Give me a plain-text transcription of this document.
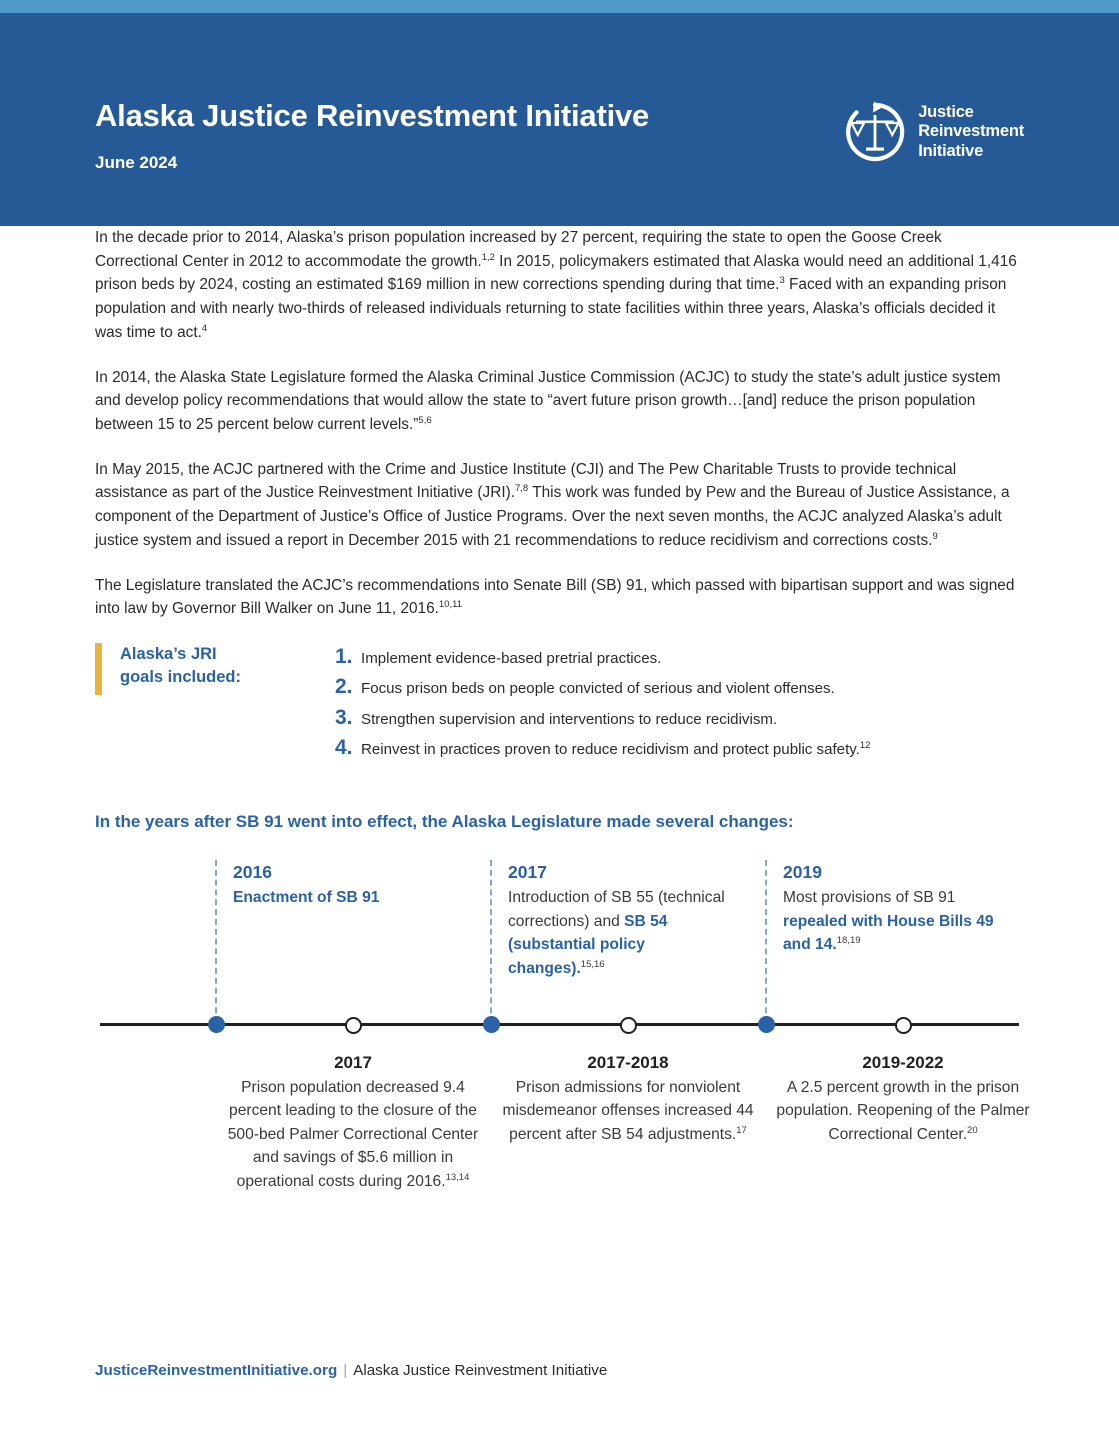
Alaska Justice Reinvestment Initiative
June 2024
Justice
Reinvestment
Initiative

In the decade prior to 2014, Alaska’s prison population increased by 27 percent, requiring the state to open the Goose Creek Correctional Center in 2012 to accommodate the growth.$^{1,2}$ In 2015, policymakers estimated that Alaska would need an additional 1,416 prison beds by 2024, costing an estimated $169 million in new corrections spending during that time.$^3$ Faced with an expanding prison population and with nearly two-thirds of released individuals returning to state facilities within three years, Alaska’s officials decided it was time to act.$^4$

In 2014, the Alaska State Legislature formed the Alaska Criminal Justice Commission (ACJC) to study the state’s adult justice system and develop policy recommendations that would allow the state to “avert future prison growth…[and] reduce the prison population between 15 to 25 percent below current levels.”$^{5,6}$

In May 2015, the ACJC partnered with the Crime and Justice Institute (CJI) and The Pew Charitable Trusts to provide technical assistance as part of the Justice Reinvestment Initiative (JRI).$^{7,8}$ This work was funded by Pew and the Bureau of Justice Assistance, a component of the Department of Justice’s Office of Justice Programs. Over the next seven months, the ACJC analyzed Alaska’s adult justice system and issued a report in December 2015 with 21 recommendations to reduce recidivism and corrections costs.$^9$

The Legislature translated the ACJC’s recommendations into Senate Bill (SB) 91, which passed with bipartisan support and was signed into law by Governor Bill Walker on June 11, 2016.$^{10,11}$

Alaska’s JRI
goals included:
1. Implement evidence-based pretrial practices.
2. Focus prison beds on people convicted of serious and violent offenses.
3. Strengthen supervision and interventions to reduce recidivism.
4. Reinvest in practices proven to reduce recidivism and protect public safety.$^{12}$
In the years after SB 91 went into effect, the Alaska Legislature made several changes:
2016
Enactment of SB 91
2017
Introduction of SB 55 (technical corrections) and SB 54 (substantial policy changes).$^{15,16}$
2019
Most provisions of SB 91 repealed with House Bills 49 and 14.$^{18,19}$
2017
Prison population decreased 9.4 percent leading to the closure of the 500-bed Palmer Correctional Center and savings of $5.6 million in operational costs during 2016.$^{13,14}$
2017-2018
Prison admissions for nonviolent misdemeanor offenses increased 44 percent after SB 54 adjustments.$^{17}$
2019-2022
A 2.5 percent growth in the prison population. Reopening of the Palmer Correctional Center.$^{20}$
JusticeReinvestmentInitiative.org | Alaska Justice Reinvestment Initiative
